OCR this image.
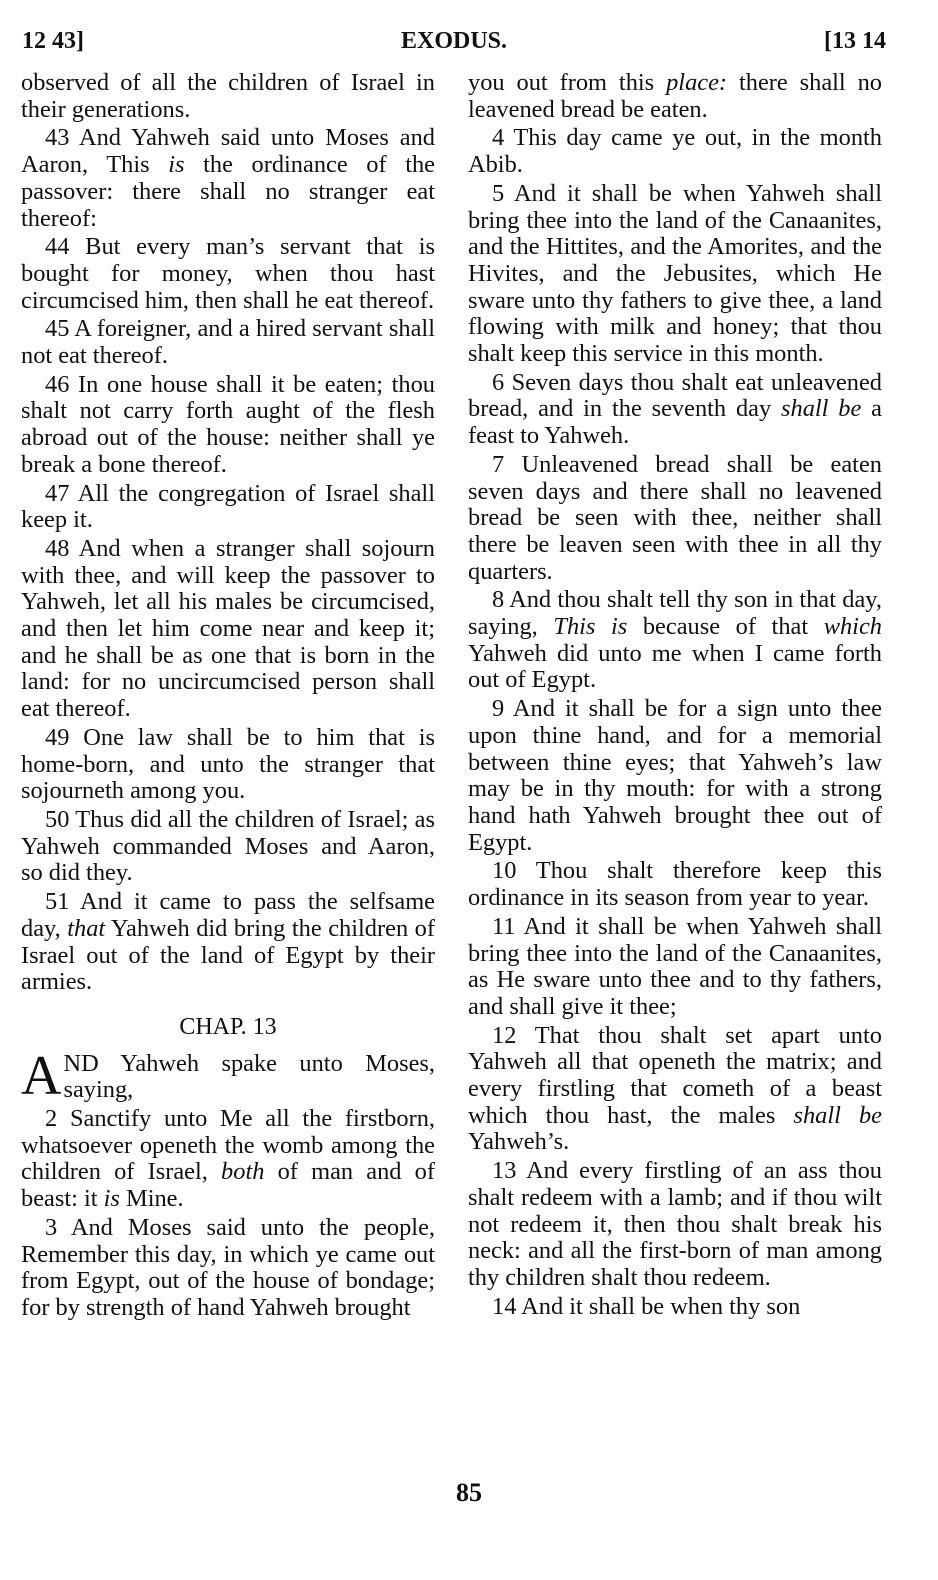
12 43]	EXODUS.	[13 14

observed of all the children of Israel in their generations.

43 And Yahweh said unto Moses and Aaron, This is the ordinance of the passover: there shall no stranger eat thereof:

44 But every man’s servant that is bought for money, when thou hast circumcised him, then shall he eat thereof.

45 A foreigner, and a hired servant shall not eat thereof.

46 In one house shall it be eaten; thou shalt not carry forth aught of the flesh abroad out of the house: neither shall ye break a bone thereof.

47 All the congregation of Israel shall keep it.

48 And when a stranger shall sojourn with thee, and will keep the passover to Yahweh, let all his males be circumcised, and then let him come near and keep it; and he shall be as one that is born in the land: for no uncircumcised person shall eat thereof.

49 One law shall be to him that is home-born, and unto the stranger that sojourneth among you.

50 Thus did all the children of Israel; as Yahweh commanded Moses and Aaron, so did they.

51 And it came to pass the selfsame day, that Yahweh did bring the children of Israel out of the land of Egypt by their armies.

CHAP. 13

AND Yahweh spake unto Moses, saying,

2 Sanctify unto Me all the firstborn, whatsoever openeth the womb among the children of Israel, both of man and of beast: it is Mine.

3 And Moses said unto the people, Remember this day, in which ye came out from Egypt, out of the house of bondage; for by strength of hand Yahweh brought

you out from this place: there shall no leavened bread be eaten.

4 This day came ye out, in the month Abib.

5 And it shall be when Yahweh shall bring thee into the land of the Canaanites, and the Hittites, and the Amorites, and the Hivites, and the Jebusites, which He sware unto thy fathers to give thee, a land flowing with milk and honey; that thou shalt keep this service in this month.

6 Seven days thou shalt eat unleavened bread, and in the seventh day shall be a feast to Yahweh.

7 Unleavened bread shall be eaten seven days and there shall no leavened bread be seen with thee, neither shall there be leaven seen with thee in all thy quarters.

8 And thou shalt tell thy son in that day, saying, This is because of that which Yahweh did unto me when I came forth out of Egypt.

9 And it shall be for a sign unto thee upon thine hand, and for a memorial between thine eyes; that Yahweh’s law may be in thy mouth: for with a strong hand hath Yahweh brought thee out of Egypt.

10 Thou shalt therefore keep this ordinance in its season from year to year.

11 And it shall be when Yahweh shall bring thee into the land of the Canaanites, as He sware unto thee and to thy fathers, and shall give it thee;

12 That thou shalt set apart unto Yahweh all that openeth the matrix; and every firstling that cometh of a beast which thou hast, the males shall be Yahweh’s.

13 And every firstling of an ass thou shalt redeem with a lamb; and if thou wilt not redeem it, then thou shalt break his neck: and all the first-born of man among thy children shalt thou redeem.

14 And it shall be when thy son

85
